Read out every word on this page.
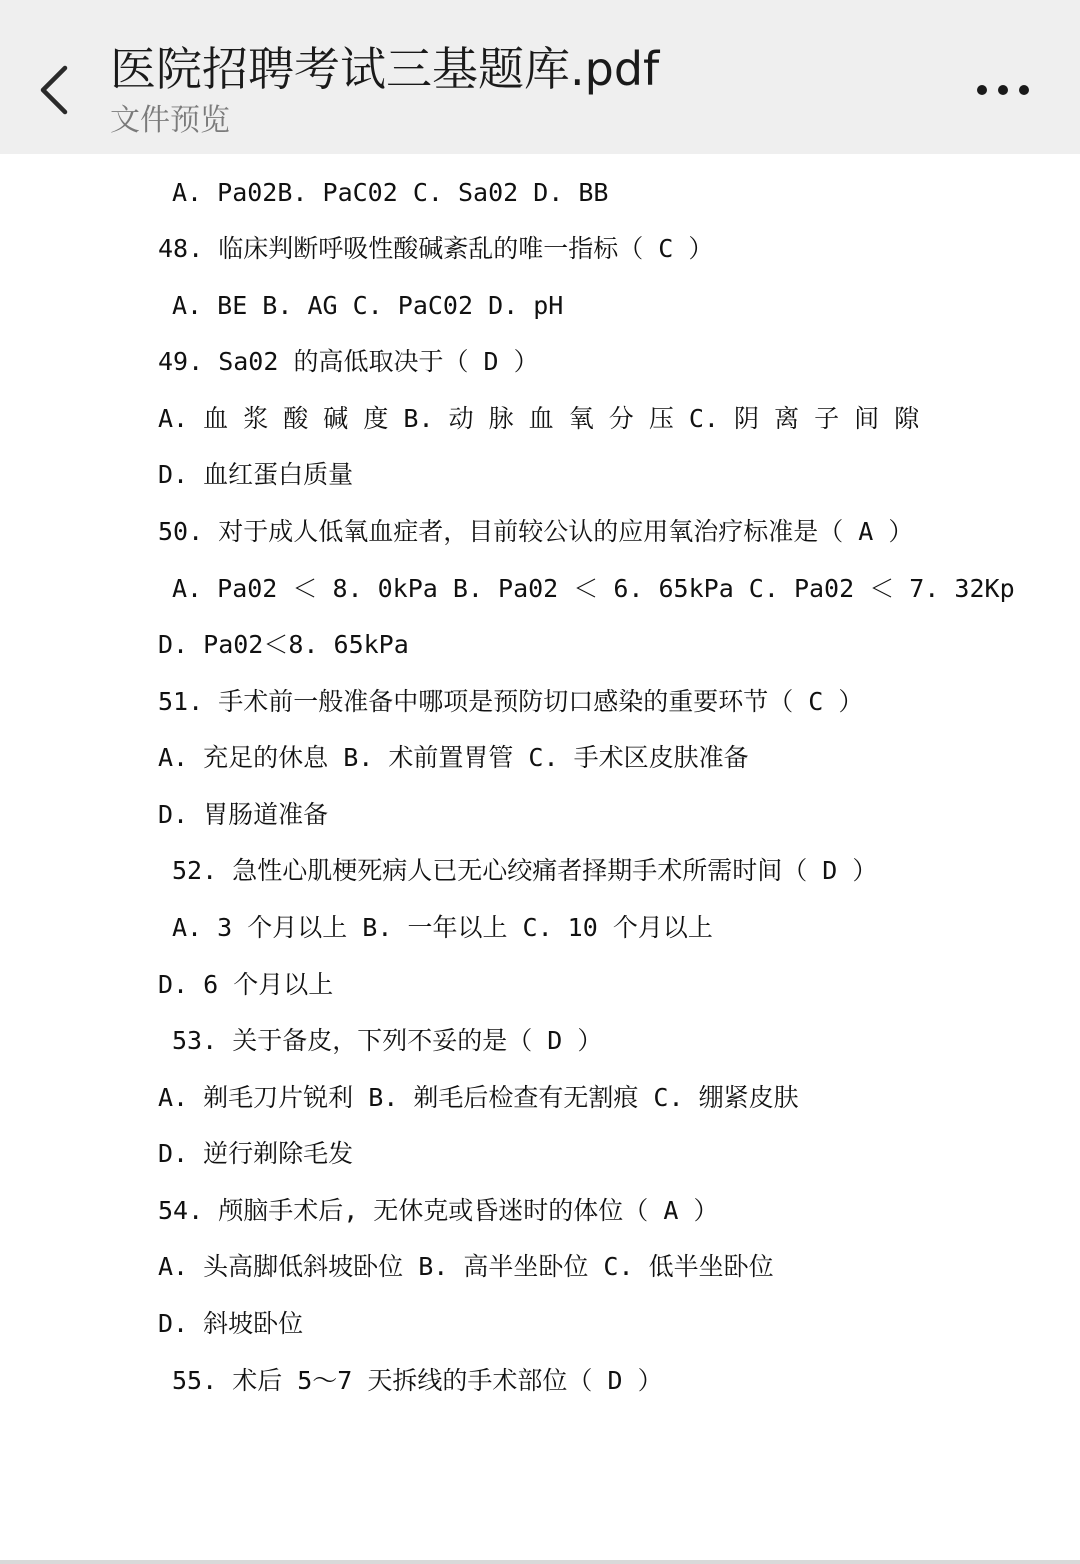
医院招聘考试三基题库.pdf
文件预览
A. Pa02B. PaC02 C. Sa02 D. BB
48. 临床判断呼吸性酸碱紊乱的唯一指标（ C ）
A. BE B. AG C. PaC02 D. pH
49. Sa02 的高低取决于（ D ）
A. 血 浆 酸 碱 度 B. 动 脉 血 氧 分 压 C. 阴 离 子 间 隙
D. 血红蛋白质量
50. 对于成人低氧血症者，目前较公认的应用氧治疗标准是（ A ）
A. Pa02 ＜ 8. 0kPa B. Pa02 ＜ 6. 65kPa C. Pa02 ＜ 7. 32Kp
D. Pa02＜8. 65kPa
51. 手术前一般准备中哪项是预防切口感染的重要环节（ C ）
A. 充足的休息 B. 术前置胃管 C. 手术区皮肤准备
D. 胃肠道准备
52. 急性心肌梗死病人已无心绞痛者择期手术所需时间（ D ）
A. 3 个月以上 B. 一年以上 C. 10 个月以上
D. 6 个月以上
53. 关于备皮，下列不妥的是（ D ）
A. 剃毛刀片锐利 B. 剃毛后检查有无割痕 C. 绷紧皮肤
D. 逆行剃除毛发
54. 颅脑手术后, 无休克或昏迷时的体位（ A ）
A. 头高脚低斜坡卧位 B. 高半坐卧位 C. 低半坐卧位
D. 斜坡卧位
55. 术后 5～7 天拆线的手术部位（ D ）
